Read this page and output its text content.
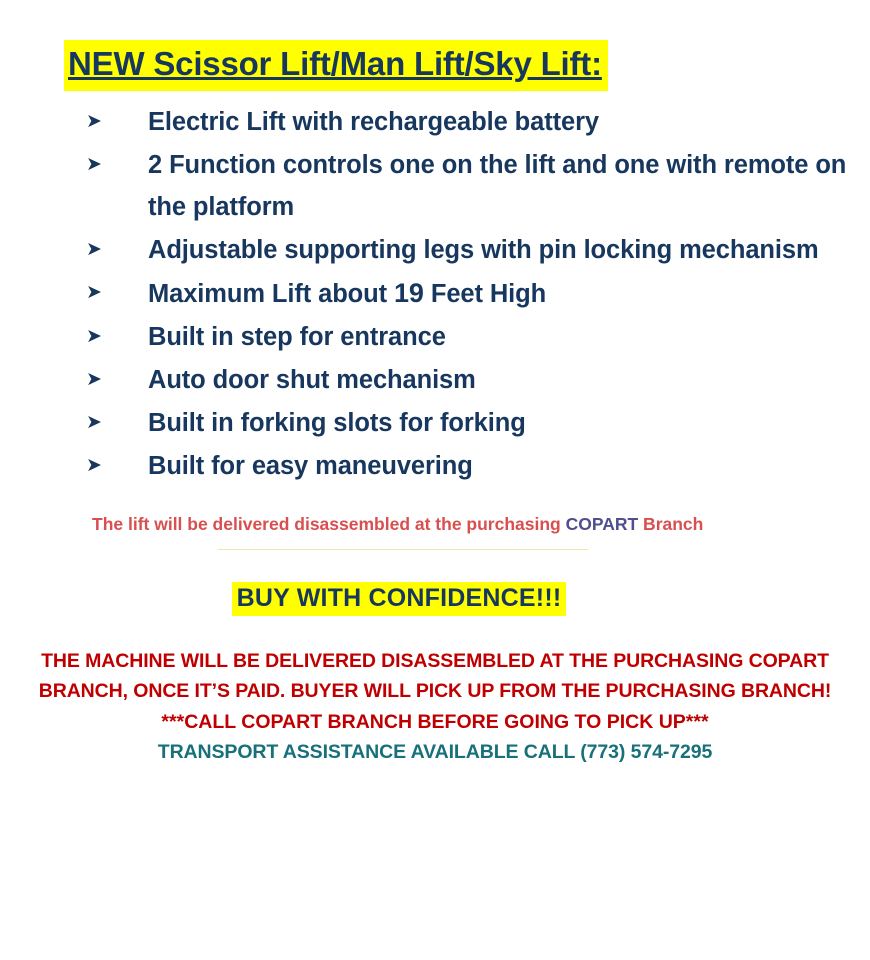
NEW Scissor Lift/Man Lift/Sky Lift:
➤	Electric Lift with rechargeable battery
➤	2 Function controls one on the lift and one with remote on the platform
➤	Adjustable supporting legs with pin locking mechanism
➤	Maximum Lift about 19 Feet High
➤	Built in step for entrance
➤	Auto door shut mechanism
➤	Built in forking slots for forking
➤	Built for easy maneuvering
The lift will be delivered disassembled at the purchasing COPART Branch
BUY WITH CONFIDENCE!!!
THE MACHINE WILL BE DELIVERED DISASSEMBLED AT THE PURCHASING COPART
BRANCH, ONCE IT’S PAID. BUYER WILL PICK UP FROM THE PURCHASING BRANCH!
***CALL COPART BRANCH BEFORE GOING TO PICK UP***
TRANSPORT ASSISTANCE AVAILABLE CALL (773) 574-7295
